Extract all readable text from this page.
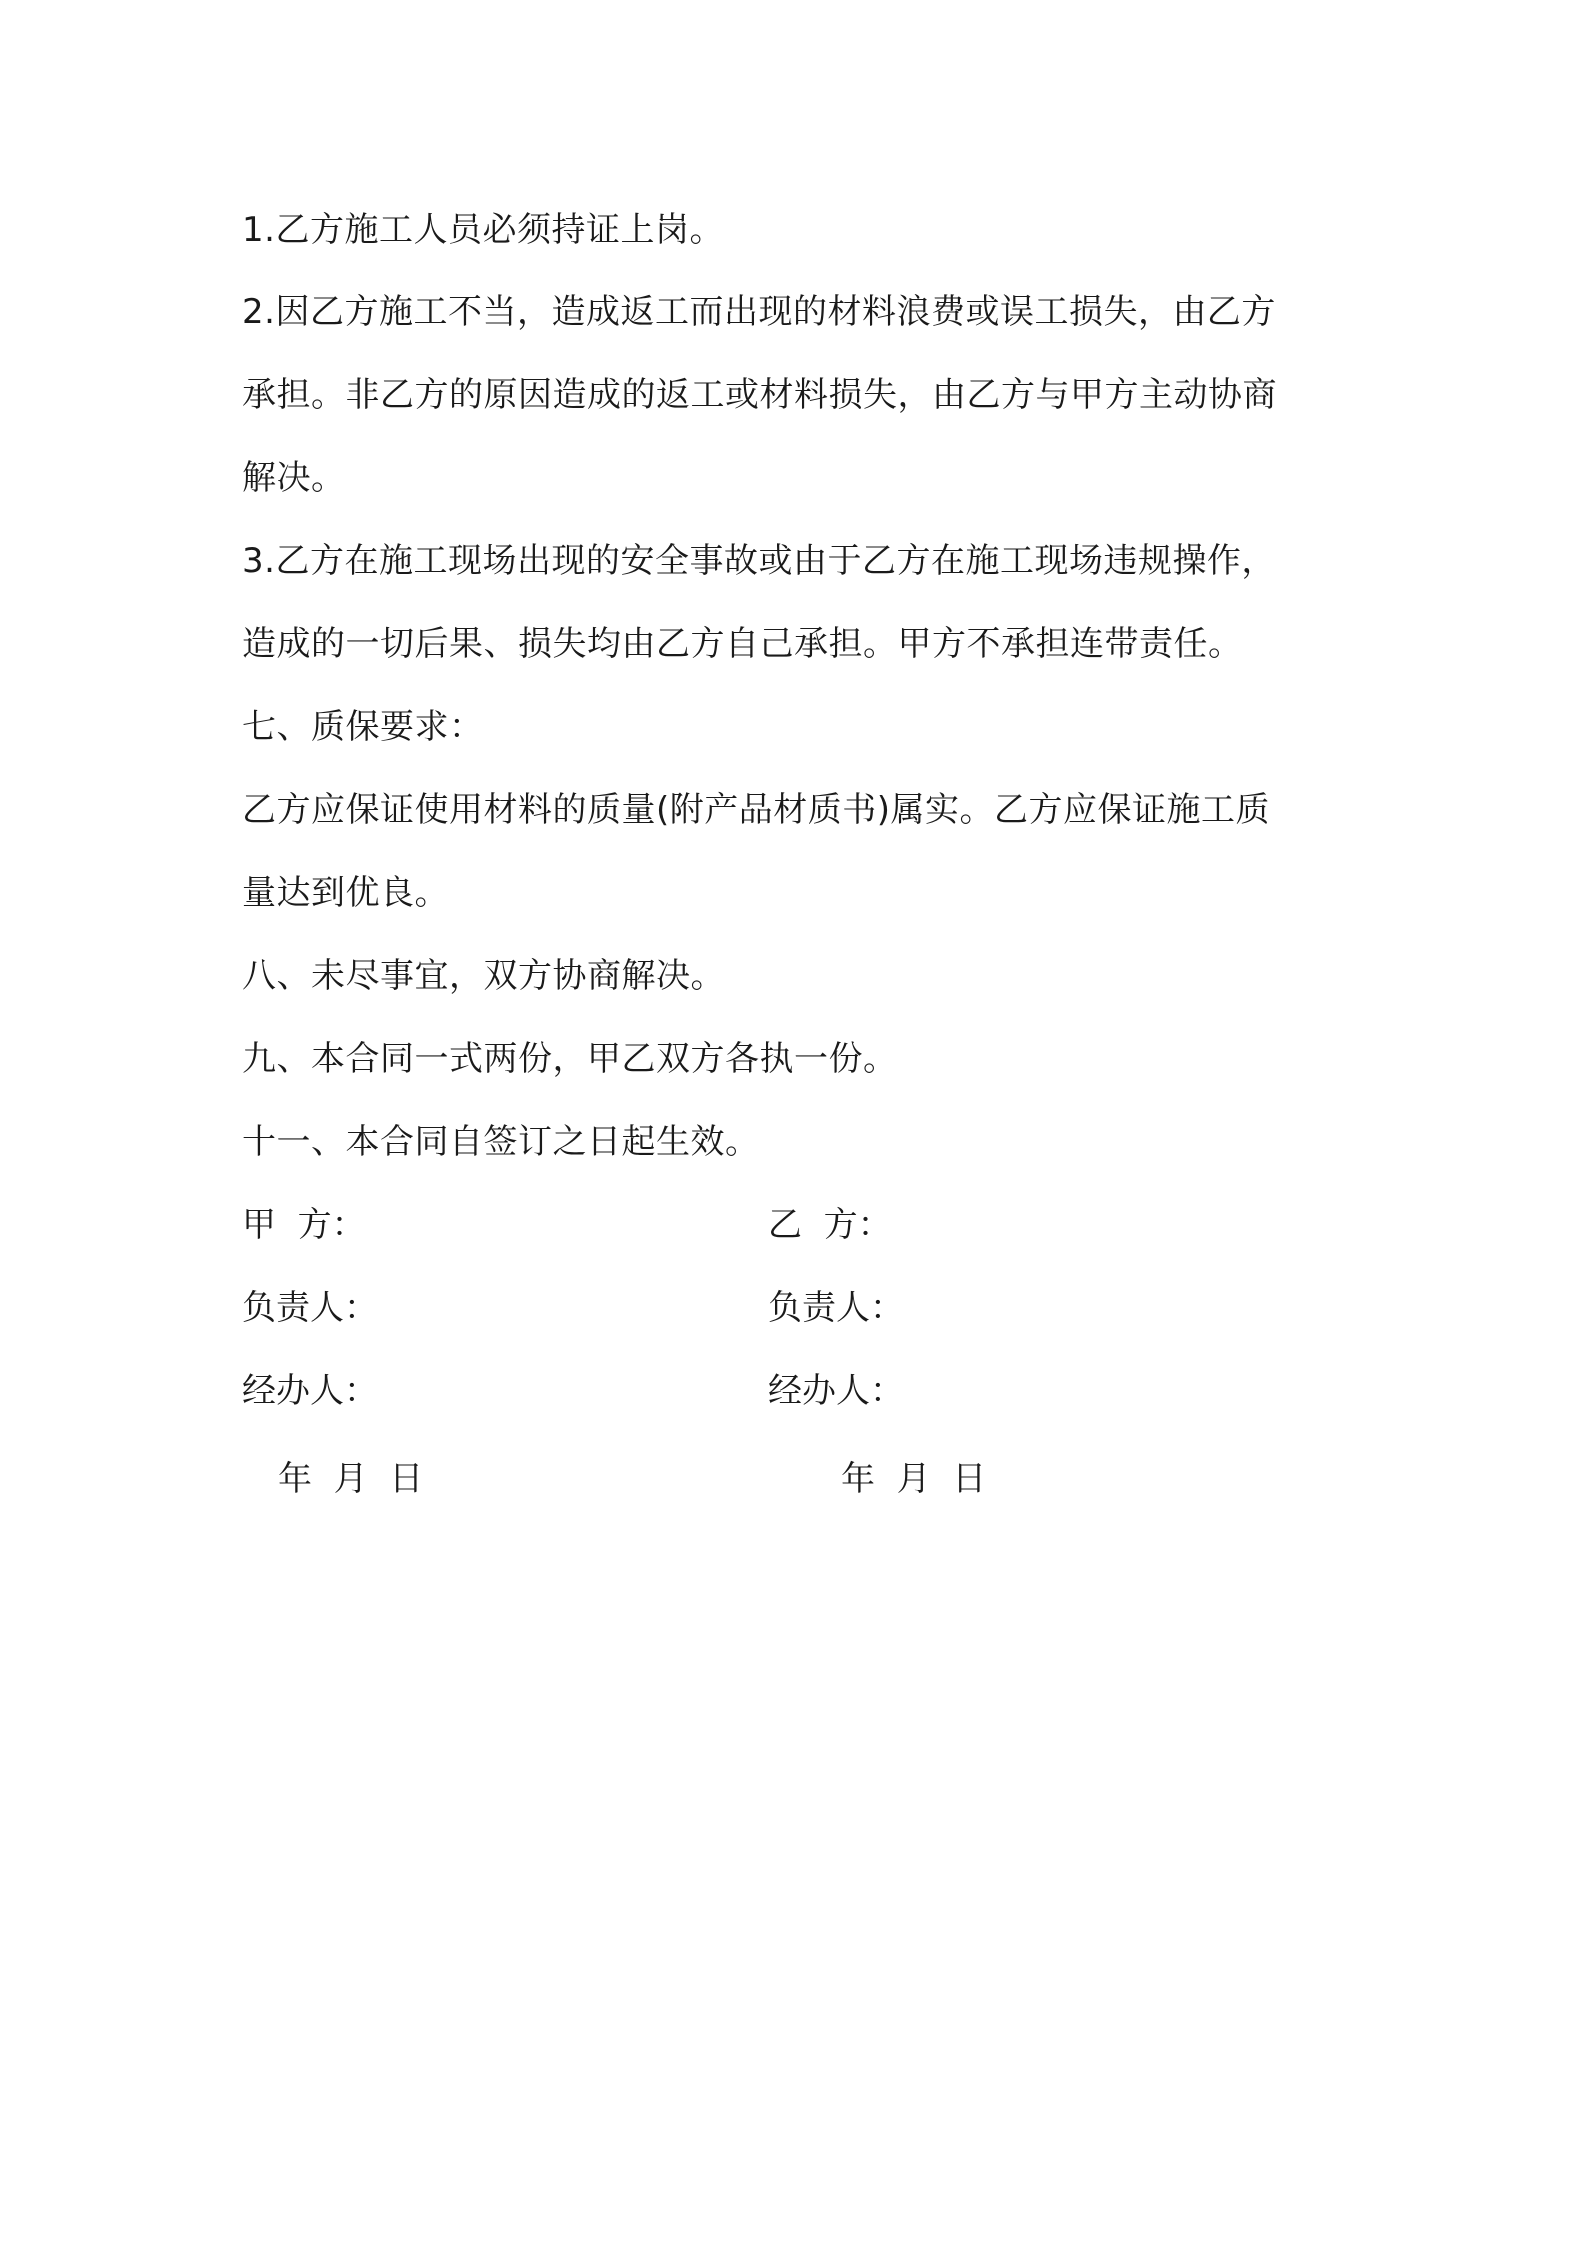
1.乙方施工人员必须持证上岗。
2.因乙方施工不当，造成返工而出现的材料浪费或误工损失，由乙方
承担。非乙方的原因造成的返工或材料损失，由乙方与甲方主动协商
解决。
3.乙方在施工现场出现的安全事故或由于乙方在施工现场违规操作，
造成的一切后果、损失均由乙方自己承担。甲方不承担连带责任。
七、质保要求：
乙方应保证使用材料的质量(附产品材质书)属实。乙方应保证施工质
量达到优良。
八、未尽事宜，双方协商解决。
九、本合同一式两份，甲乙双方各执一份。
十一、本合同自签订之日起生效。
甲  方：	乙  方：
负责人：	负责人：
经办人：	经办人：
年  月  日	年  月  日
